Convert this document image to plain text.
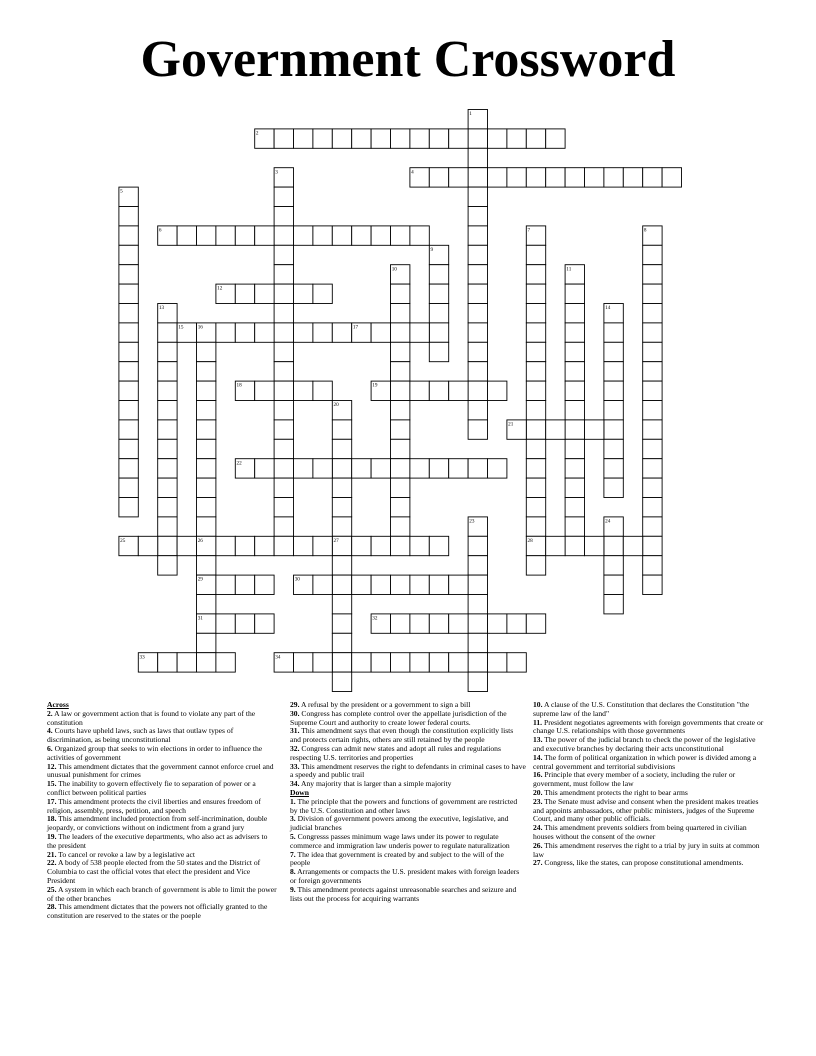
Government Crossword
1
2
3	4
5
6	7	8
9
10	11
12
13	14
15	16	17
18	19
20
21
22
23	24
25	26	27	28
29	30
31	32
33	34
Across
2. A law or government action that is found to violate any part of the constitution
4. Courts have upheld laws, such as laws that outlaw types of discrimination, as being unconstitutional
6. Organized group that seeks to win elections in order to influence the activities of government
12. This amendment dictates that the government cannot enforce cruel and unusual punishment for crimes
15. The inability to govern effectively fie to separation of power or a conflict between political parties
17. This amendment protects the civil liberties and ensures freedom of religion, assembly, press, petition, and speech
18. This amendment included protection from self-incrimination, double jeopardy, or convictions without on indictment from a grand jury
19. The leaders of the executive departments, who also act as advisers to the president
21. To cancel or revoke a law by a legislative act
22. A body of 538 people elected from the 50 states and the District of Columbia to cast the official votes that elect the president and Vice President
25. A system in which each branch of government is able to limit the power of the other branches
28. This amendment dictates that the powers not officially granted to the constitution are reserved to the states or the poeple
29. A refusal by the president or a government to sign a bill
30. Congress has complete control over the appellate jurisdiction of the Supreme Court and authority to create lower federal courts.
31. This amendment says that even though the constitution explicitly lists and protects certain rights, others are still retained by the people
32. Congress can admit new states and adopt all rules and regulations respecting U.S. territories and properties
33. This amendment reserves the right to defendants in criminal cases to have a speedy and public trail
34. Any majority that is larger than a simple majority
Down
1. The principle that the powers and functions of government are restricted by the U.S. Constitution and other laws
3. Division of government powers among the executive, legislative, and judicial branches
5. Congresss passes minimum wage laws under its power to regulate commerce and immigration law underis power to regulate naturalization
7. The idea that government is created by and subject to the will of the people
8. Arrangements or compacts the U.S. president makes with foreign leaders or foreign governments
9. This amendment protects against unreasonable searches and seizure and lists out the process for acquiring warrants
10. A clause of the U.S. Constitution that declares the Constitution "the supreme law of the land"
11. President negotiates agreements with foreign governments that create or change U.S. relationships with those governments
13. The power of the judicial branch to check the power of the legislative and executive branches by declaring their acts unconstitutional
14. The form of political organization in which power is divided among a central government and territorial subdivisions
16. Principle that every member of a society, including the ruler or government, must follow the law
20. This amendment protects the right to bear arms
23. The Senate must advise and consent when the president makes treaties and appoints ambassadors, other public ministers, judges of the Supreme Court, and many other public officials.
24. This amendment prevents soldiers from being quartered in civilian houses without the consent of the owner
26. This amendment reserves the right to a trial by jury in suits at common law
27. Congress, like the states, can propose constitutional amendments.
